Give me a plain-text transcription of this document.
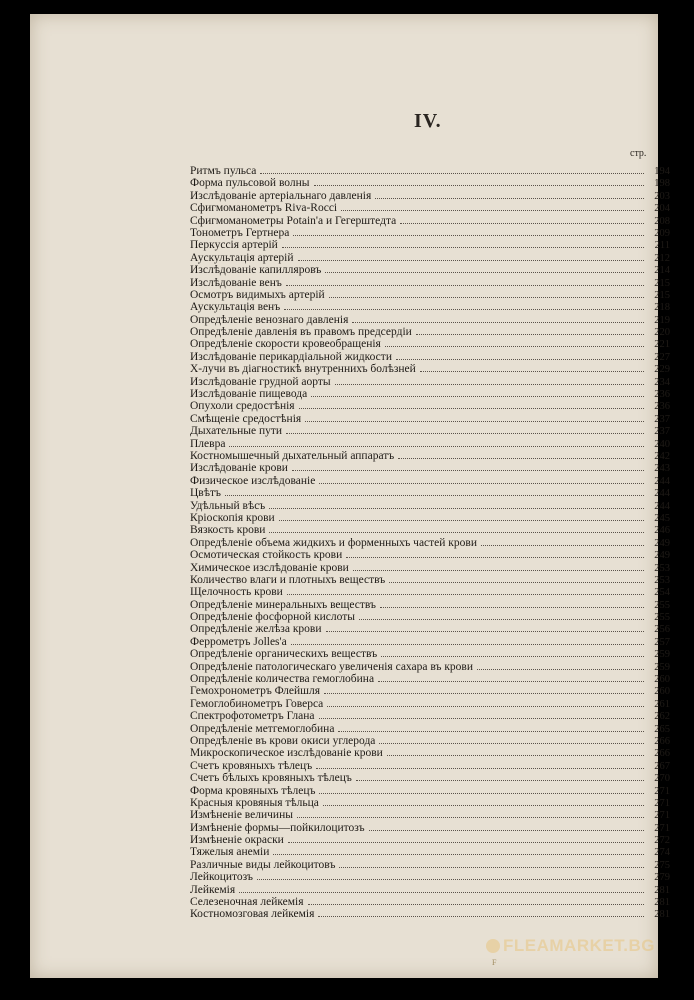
IV.
стр.
Ритмъ пульса	194
Форма пульсовой волны	198
Изслѣдованіе артеріальнаго давленія	203
Сфигмоманометръ Riva-Rocci	204
Сфигмоманометры Potain'а и Гегерштедта	208
Тонометръ Гертнера	209
Перкуссія артерій	211
Аускультація артерій	212
Изслѣдованіе капилляровъ	214
Изслѣдованіе венъ	215
Осмотръ видимыхъ артерій	215
Аускультація венъ	218
Опредѣленіе венознаго давленія	219
Опредѣленіе давленія въ правомъ предсердіи	220
Опредѣленіе скорости кровеобращенія	221
Изслѣдованіе перикардіальной жидкости	227
Х-лучи въ діагностикѣ внутреннихъ болѣзней	229
Изслѣдованіе грудной аорты	234
Изслѣдованіе пищевода	236
Опухоли средостѣнія	236
Смѣщеніе средостѣнія	237
Дыхательные пути	237
Плевра	240
Костномышечный дыхательный аппаратъ	242
Изслѣдованіе крови	243
Физическое изслѣдованіе	244
Цвѣтъ	244
Удѣльный вѣсъ	244
Кріоскопія крови	245
Вязкость крови	246
Опредѣленіе объема жидкихъ и форменныхъ частей крови	249
Осмотическая стойкость крови	249
Химическое изслѣдованіе крови	253
Количество влаги и плотныхъ веществъ	253
Щелочность крови	254
Опредѣленіе минеральныхъ веществъ	255
Опредѣленіе фосфорной кислоты	255
Опредѣленіе желѣза крови	256
Феррометръ Jolles'а	257
Опредѣленіе органическихъ веществъ	259
Опредѣленіе патологическаго увеличенія сахара въ крови	259
Опредѣленіе количества гемоглобина	260
Гемохронометръ Флейшля	260
Гемоглобинометръ Говерса	261
Спектрофотометръ Глана	262
Опредѣленіе метгемоглобина	265
Опредѣленіе въ крови окиси углерода	266
Микроскопическое изслѣдованіе крови	266
Счетъ кровяныхъ тѣлецъ	267
Счетъ бѣлыхъ кровяныхъ тѣлецъ	270
Форма кровяныхъ тѣлецъ	271
Красныя кровяныя тѣльца	271
Измѣненіе величины	271
Измѣненіе формы—пойкилоцитозъ	271
Измѣненіе окраски	272
Тяжелыя анеміи	274
Различные виды лейкоцитовъ	275
Лейкоцитозъ	279
Лейкемія	281
Селезеночная лейкемія	281
Костномозговая лейкемія	281
F
FLEAMARKET.BG
